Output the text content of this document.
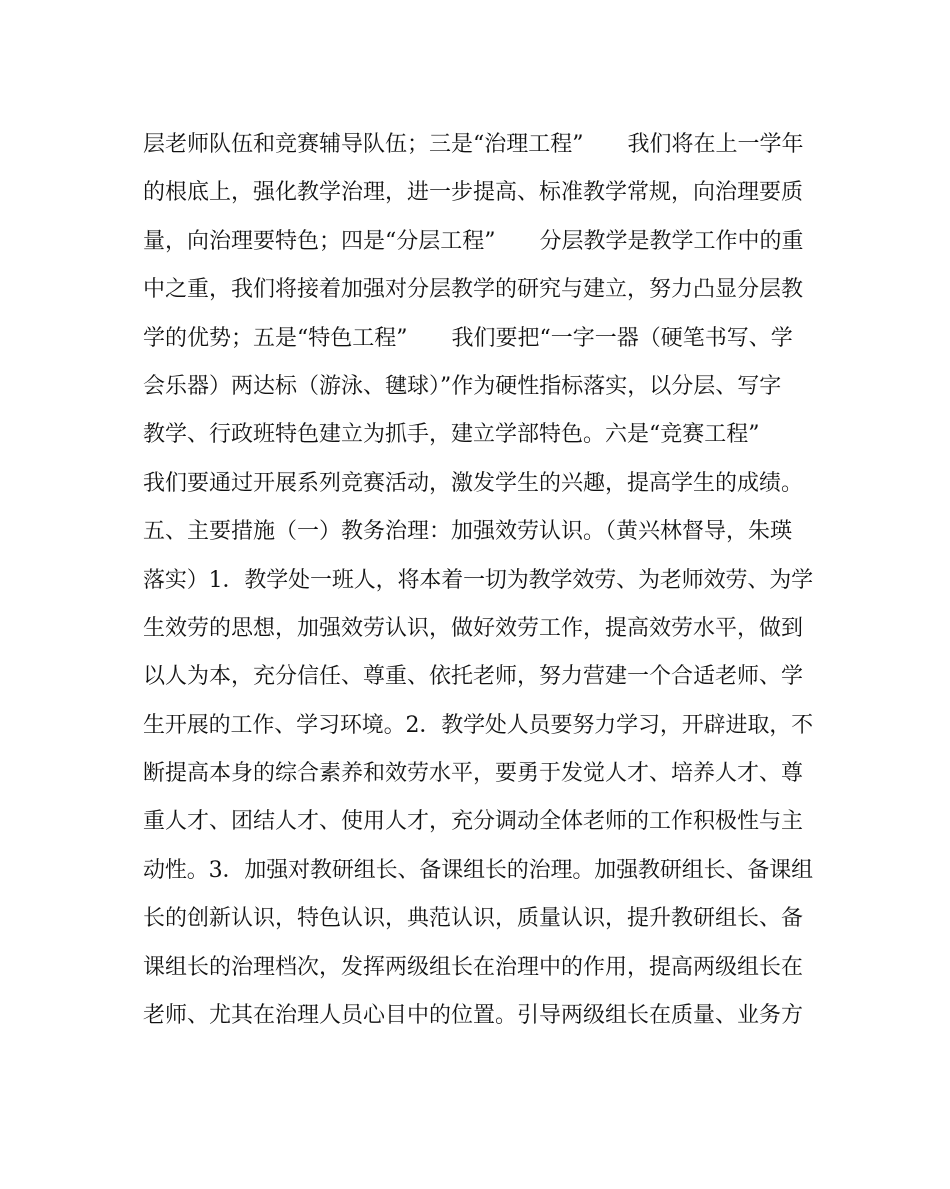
层老师队伍和竞赛辅导队伍；三是“治理工程”　　我们将在上一学年
的根底上，强化教学治理，进一步提高、标准教学常规，向治理要质
量，向治理要特色；四是“分层工程”　　分层教学是教学工作中的重
中之重，我们将接着加强对分层教学的研究与建立，努力凸显分层教
学的优势；五是“特色工程”　　我们要把“一字一器（硬笔书写、学
会乐器）两达标（游泳、毽球）”作为硬性指标落实，以分层、写字
教学、行政班特色建立为抓手，建立学部特色。六是“竞赛工程”
我们要通过开展系列竞赛活动，激发学生的兴趣，提高学生的成绩。
五、主要措施（一）教务治理：加强效劳认识。（黄兴林督导，朱瑛
落实）1．教学处一班人，将本着一切为教学效劳、为老师效劳、为学
生效劳的思想，加强效劳认识，做好效劳工作，提高效劳水平，做到
以人为本，充分信任、尊重、依托老师，努力营建一个合适老师、学
生开展的工作、学习环境。2．教学处人员要努力学习，开辟进取，不
断提高本身的综合素养和效劳水平，要勇于发觉人才、培养人才、尊
重人才、团结人才、使用人才，充分调动全体老师的工作积极性与主
动性。3．加强对教研组长、备课组长的治理。加强教研组长、备课组
长的创新认识，特色认识，典范认识，质量认识，提升教研组长、备
课组长的治理档次，发挥两级组长在治理中的作用，提高两级组长在
老师、尤其在治理人员心目中的位置。引导两级组长在质量、业务方
